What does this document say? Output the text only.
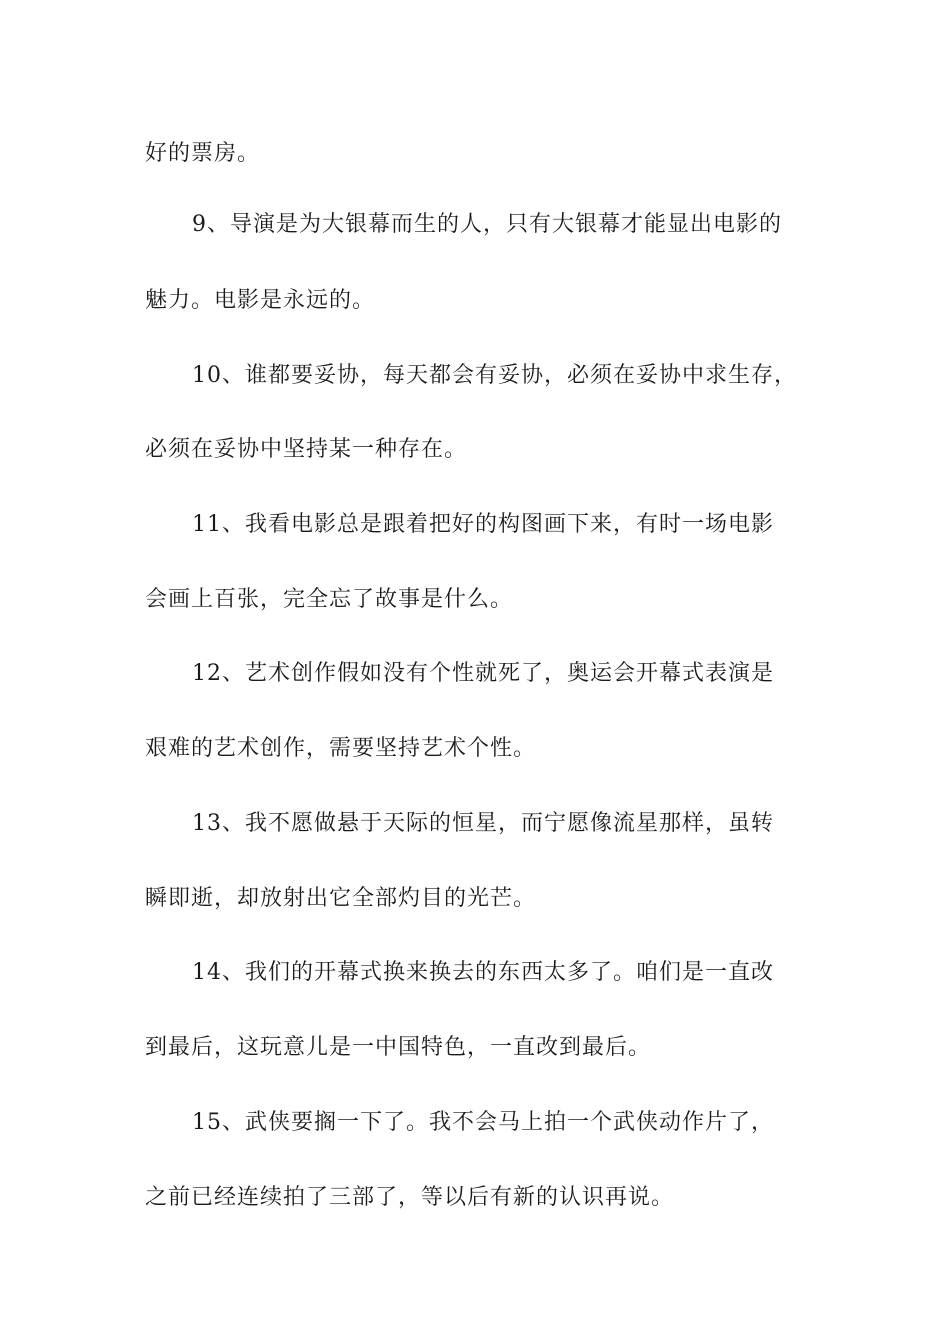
好的票房。
9、导演是为大银幕而生的人，只有大银幕才能显出电影的
魅力。电影是永远的。
10、谁都要妥协，每天都会有妥协，必须在妥协中求生存，
必须在妥协中坚持某一种存在。
11、我看电影总是跟着把好的构图画下来，有时一场电影
会画上百张，完全忘了故事是什么。
12、艺术创作假如没有个性就死了，奥运会开幕式表演是
艰难的艺术创作，需要坚持艺术个性。
13、我不愿做悬于天际的恒星，而宁愿像流星那样，虽转
瞬即逝，却放射出它全部灼目的光芒。
14、我们的开幕式换来换去的东西太多了。咱们是一直改
到最后，这玩意儿是一中国特色，一直改到最后。
15、武侠要搁一下了。我不会马上拍一个武侠动作片了，
之前已经连续拍了三部了，等以后有新的认识再说。
